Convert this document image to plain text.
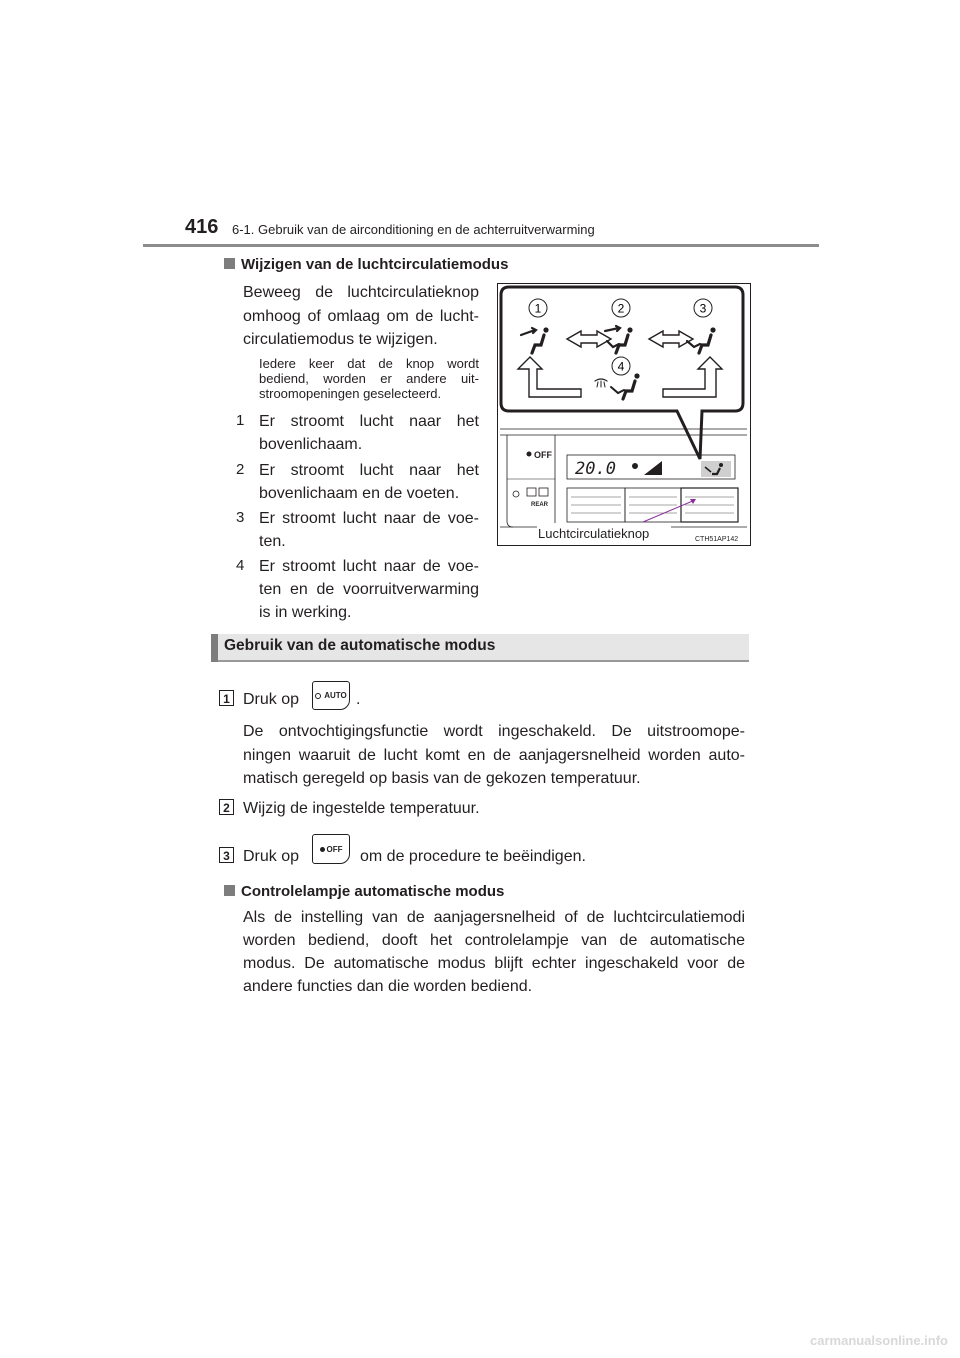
416 6-1. Gebruik van de airconditioning en de achterruitverwarming
Wijzigen van de luchtcirculatiemodus
Beweeg de luchtcirculatieknop
omhoog of omlaag om de lucht-
circulatiemodus te wijzigen.
Iedere keer dat de knop wordt
bediend, worden er andere uit-
stroomopeningen geselecteerd.
1 Er stroomt lucht naar het
bovenlichaam.
2 Er stroomt lucht naar het
bovenlichaam en de voeten.
3 Er stroomt lucht naar de voe-
ten.
4 Er stroomt lucht naar de voe-
ten en de voorruitverwarming
is in werking.
1	2	3
4
OFF
REAR
20.0
Luchtcirculatieknop	CTH51AP142
Gebruik van de automatische modus
1 Druk op	AUTO .
De ontvochtigingsfunctie wordt ingeschakeld. De uitstroomope-
ningen waaruit de lucht komt en de aanjagersnelheid worden auto-
matisch geregeld op basis van de gekozen temperatuur.
2 Wijzig de ingestelde temperatuur.
3 Druk op	OFF om de procedure te beëindigen.
Controlelampje automatische modus
Als de instelling van de aanjagersnelheid of de luchtcirculatiemodi
worden bediend, dooft het controlelampje van de automatische
modus. De automatische modus blijft echter ingeschakeld voor de
andere functies dan die worden bediend.
carmanualsonline.info
